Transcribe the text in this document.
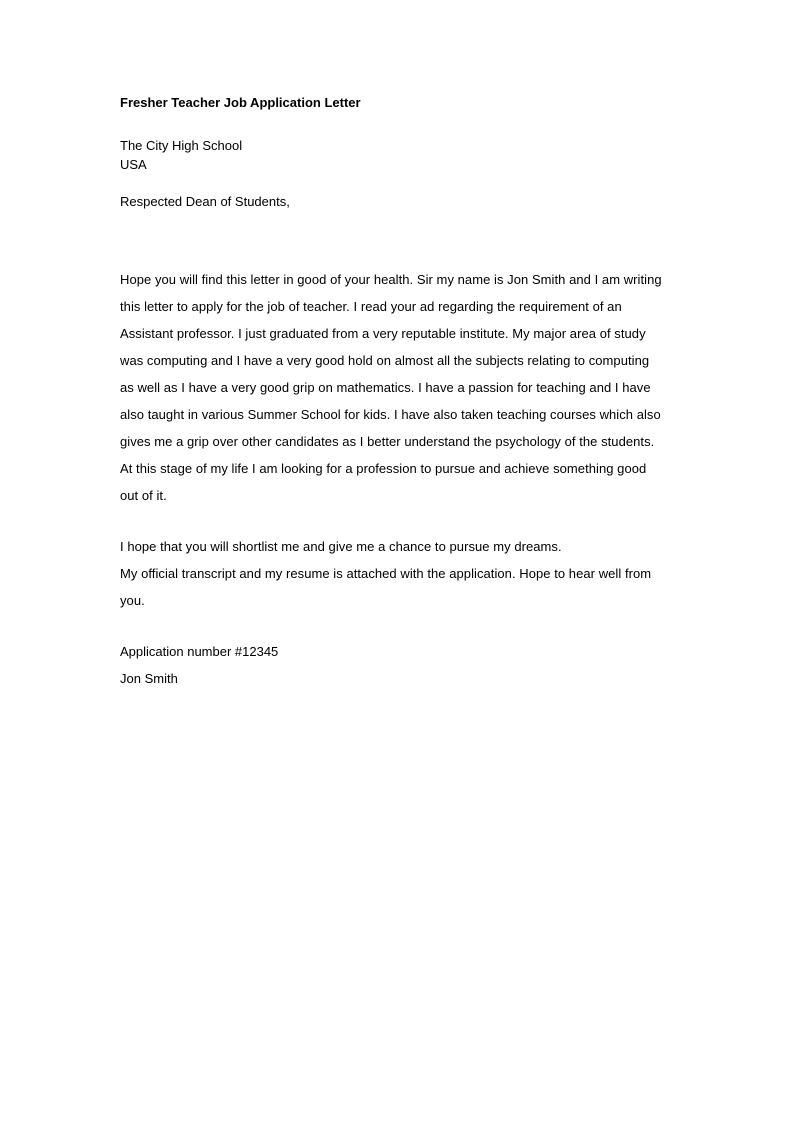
Fresher Teacher Job Application Letter
The City High School
USA
Respected Dean of Students,
Hope you will find this letter in good of your health. Sir my name is Jon Smith and I am writing
this letter to apply for the job of teacher. I read your ad regarding the requirement of an
Assistant professor. I just graduated from a very reputable institute. My major area of study
was computing and I have a very good hold on almost all the subjects relating to computing
as well as I have a very good grip on mathematics. I have a passion for teaching and I have
also taught in various Summer School for kids. I have also taken teaching courses which also
gives me a grip over other candidates as I better understand the psychology of the students.
At this stage of my life I am looking for a profession to pursue and achieve something good
out of it.
I hope that you will shortlist me and give me a chance to pursue my dreams.
My official transcript and my resume is attached with the application. Hope to hear well from
you.
Application number #12345
Jon Smith
